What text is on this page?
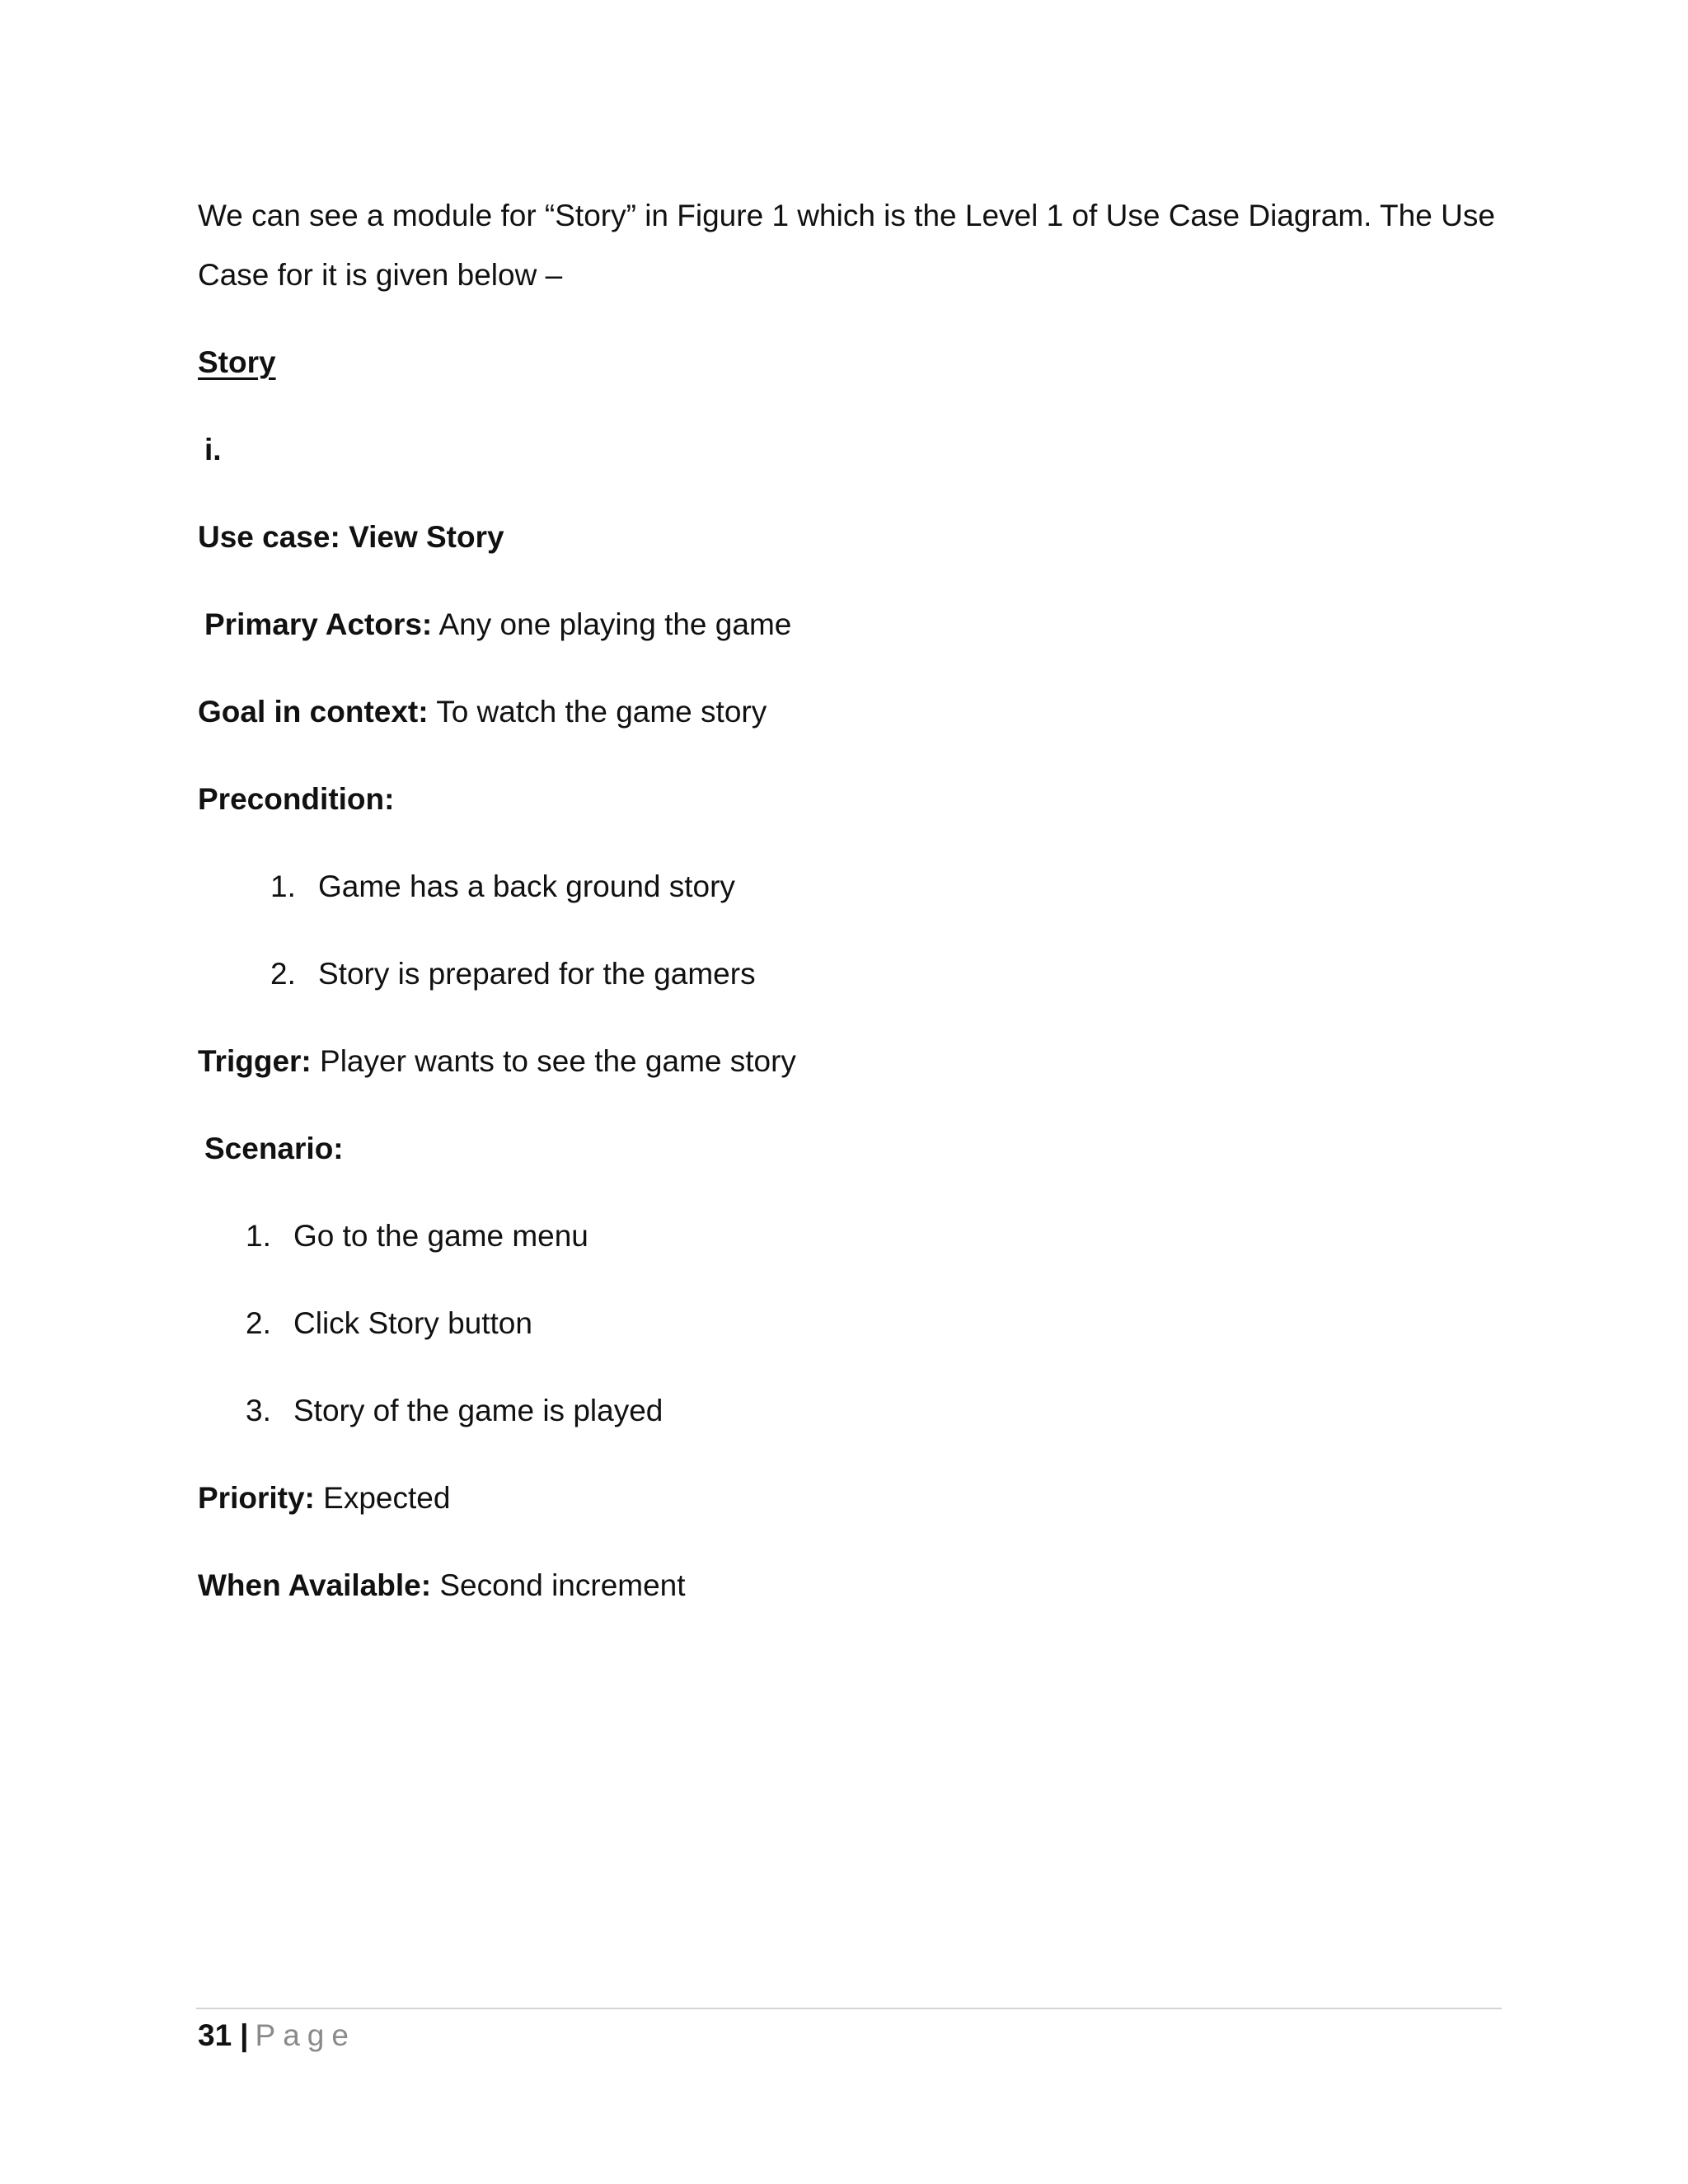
We can see a module for “Story” in Figure 1 which is the Level 1 of Use Case Diagram. The Use
Case for it is given below –
Story
i.
Use case: View Story
Primary Actors: Any one playing the game
Goal in context: To watch the game story
Precondition:
1. Game has a back ground story
2. Story is prepared for the gamers
Trigger: Player wants to see the game story
Scenario:
1. Go to the game menu
2. Click Story button
3. Story of the game is played
Priority: Expected
When Available: Second increment
31 | Page
